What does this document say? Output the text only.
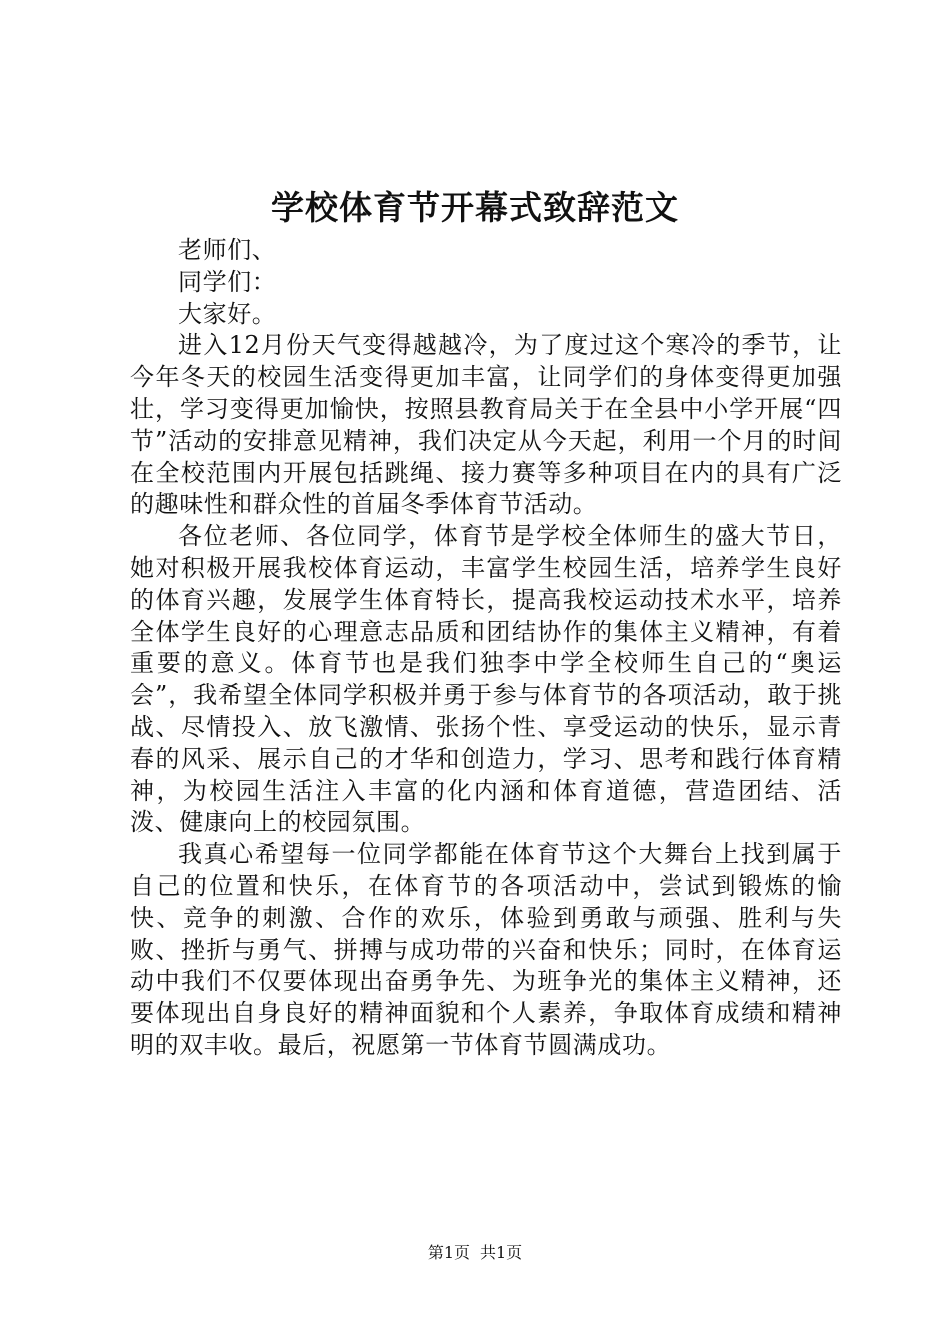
学校体育节开幕式致辞范文

老师们、

同学们：

大家好。

进入12月份天气变得越越冷，为了度过这个寒冷的季节，让今年冬天的校园生活变得更加丰富，让同学们的身体变得更加强壮，学习变得更加愉快，按照县教育局关于在全县中小学开展“四节”活动的安排意见精神，我们决定从今天起，利用一个月的时间在全校范围内开展包括跳绳、接力赛等多种项目在内的具有广泛的趣味性和群众性的首届冬季体育节活动。

各位老师、各位同学，体育节是学校全体师生的盛大节日，她对积极开展我校体育运动，丰富学生校园生活，培养学生良好的体育兴趣，发展学生体育特长，提高我校运动技术水平，培养全体学生良好的心理意志品质和团结协作的集体主义精神，有着重要的意义。体育节也是我们独李中学全校师生自己的“奥运会”，我希望全体同学积极并勇于参与体育节的各项活动，敢于挑战、尽情投入、放飞激情、张扬个性、享受运动的快乐，显示青春的风采、展示自己的才华和创造力，学习、思考和践行体育精神，为校园生活注入丰富的化内涵和体育道德，营造团结、活泼、健康向上的校园氛围。

我真心希望每一位同学都能在体育节这个大舞台上找到属于自己的位置和快乐，在体育节的各项活动中，尝试到锻炼的愉快、竞争的刺激、合作的欢乐，体验到勇敢与顽强、胜利与失败、挫折与勇气、拼搏与成功带的兴奋和快乐；同时，在体育运动中我们不仅要体现出奋勇争先、为班争光的集体主义精神，还要体现出自身良好的精神面貌和个人素养，争取体育成绩和精神明的双丰收。最后，祝愿第一节体育节圆满成功。

第1页 共1页
